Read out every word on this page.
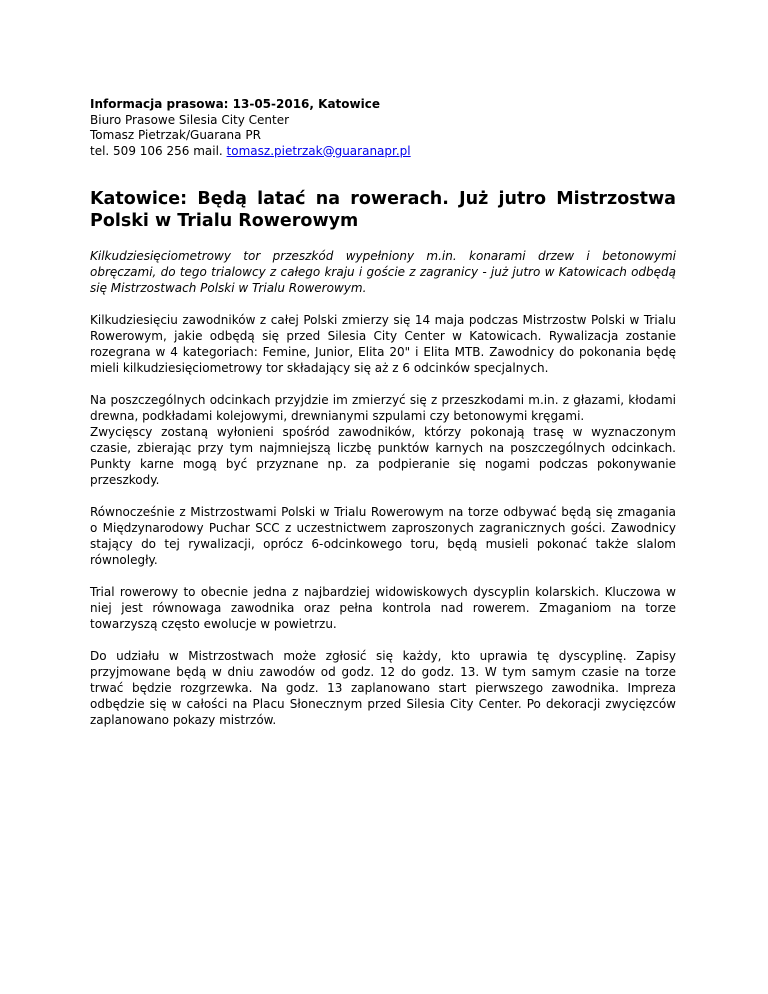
Informacja prasowa: 13-05-2016, Katowice

Biuro Prasowe Silesia City Center

Tomasz Pietrzak/Guarana PR

tel. 509 106 256 mail. tomasz.pietrzak@guaranapr.pl

Katowice: Będą latać na rowerach. Już jutro Mistrzostwa Polski w Trialu Rowerowym

Kilkudziesięciometrowy tor przeszkód wypełniony m.in. konarami drzew i betonowymi obręczami, do tego trialowcy z całego kraju i goście z zagranicy - już jutro w Katowicach odbędą się Mistrzostwach Polski w Trialu Rowerowym.

Kilkudziesięciu zawodników z całej Polski zmierzy się 14 maja podczas Mistrzostw Polski w Trialu Rowerowym, jakie odbędą się przed Silesia City Center w Katowicach. Rywalizacja zostanie rozegrana w 4 kategoriach: Femine, Junior, Elita 20" i Elita MTB. Zawodnicy do pokonania będę mieli kilkudziesięciometrowy tor składający się aż z 6 odcinków specjalnych.

Na poszczególnych odcinkach przyjdzie im zmierzyć się z przeszkodami m.in. z głazami, kłodami drewna, podkładami kolejowymi, drewnianymi szpulami czy betonowymi kręgami.
Zwycięscy zostaną wyłonieni spośród zawodników, którzy pokonają trasę w wyznaczonym czasie, zbierając przy tym najmniejszą liczbę punktów karnych na poszczególnych odcinkach. Punkty karne mogą być przyznane np. za podpieranie się nogami podczas pokonywanie przeszkody.

Równocześnie z Mistrzostwami Polski w Trialu Rowerowym na torze odbywać będą się zmagania o Międzynarodowy Puchar SCC z uczestnictwem zaproszonych zagranicznych gości. Zawodnicy stający do tej rywalizacji, oprócz 6-odcinkowego toru, będą musieli pokonać także slalom równoległy.

Trial rowerowy to obecnie jedna z najbardziej widowiskowych dyscyplin kolarskich. Kluczowa w niej jest równowaga zawodnika oraz pełna kontrola nad rowerem. Zmaganiom na torze towarzyszą często ewolucje w powietrzu.

Do udziału w Mistrzostwach może zgłosić się każdy, kto uprawia tę dyscyplinę. Zapisy przyjmowane będą w dniu zawodów od godz. 12 do godz. 13. W tym samym czasie na torze trwać będzie rozgrzewka. Na godz. 13 zaplanowano start pierwszego zawodnika. Impreza odbędzie się w całości na Placu Słonecznym przed Silesia City Center. Po dekoracji zwycięzców zaplanowano pokazy mistrzów.
